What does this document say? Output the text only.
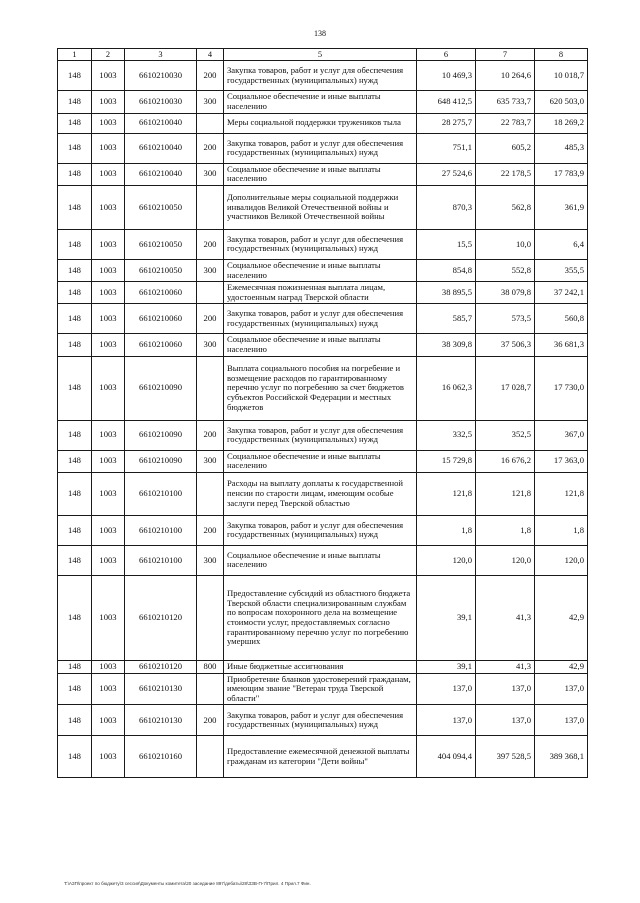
138
1	2	3	4	5	6	7	8
148	1003	6610210030	200	Закупка товаров, работ и услуг для обеспечения государственных (муниципальных) нужд	10 469,3	10 264,6	10 018,7
148	1003	6610210030	300	Социальное обеспечение и иные выплаты населению	648 412,5	635 733,7	620 503,0
148	1003	6610210040		Меры социальной поддержки тружеников тыла	28 275,7	22 783,7	18 269,2
148	1003	6610210040	200	Закупка товаров, работ и услуг для обеспечения государственных (муниципальных) нужд	751,1	605,2	485,3
148	1003	6610210040	300	Социальное обеспечение и иные выплаты населению	27 524,6	22 178,5	17 783,9
148	1003	6610210050		Дополнительные меры социальной поддержки инвалидов Великой Отечественной войны и участников Великой Отечественной войны	870,3	562,8	361,9
148	1003	6610210050	200	Закупка товаров, работ и услуг для обеспечения государственных (муниципальных) нужд	15,5	10,0	6,4
148	1003	6610210050	300	Социальное обеспечение и иные выплаты населению	854,8	552,8	355,5
148	1003	6610210060		Ежемесячная пожизненная выплата лицам, удостоенным наград Тверской области	38 895,5	38 079,8	37 242,1
148	1003	6610210060	200	Закупка товаров, работ и услуг для обеспечения государственных (муниципальных) нужд	585,7	573,5	560,8
148	1003	6610210060	300	Социальное обеспечение и иные выплаты населению	38 309,8	37 506,3	36 681,3
148	1003	6610210090		Выплата социального пособия на погребение и возмещение расходов по гарантированному перечню услуг по погребению за счет бюджетов субъектов Российской Федерации и местных бюджетов	16 062,3	17 028,7	17 730,0
148	1003	6610210090	200	Закупка товаров, работ и услуг для обеспечения государственных (муниципальных) нужд	332,5	352,5	367,0
148	1003	6610210090	300	Социальное обеспечение и иные выплаты населению	15 729,8	16 676,2	17 363,0
148	1003	6610210100		Расходы на выплату доплаты к государственной пенсии по старости лицам, имеющим особые заслуги перед Тверской областью	121,8	121,8	121,8
148	1003	6610210100	200	Закупка товаров, работ и услуг для обеспечения государственных (муниципальных) нужд	1,8	1,8	1,8
148	1003	6610210100	300	Социальное обеспечение и иные выплаты населению	120,0	120,0	120,0
148	1003	6610210120		Предоставление субсидий из областного бюджета Тверской области специализированным службам по вопросам похоронного дела на возмещение стоимости услуг, предоставляемых согласно гарантированному перечню услуг по погребению умерших	39,1	41,3	42,9
148	1003	6610210120	800	Иные бюджетные ассигнования	39,1	41,3	42,9
148	1003	6610210130		Приобретение бланков удостоверений гражданам, имеющим звание "Ветеран труда Тверской области"	137,0	137,0	137,0
148	1003	6610210130	200	Закупка товаров, работ и услуг для обеспечения государственных (муниципальных) нужд	137,0	137,0	137,0
148	1003	6610210160		Предоставление ежемесячной денежной выплаты гражданам из категории "Дети войны"	404 094,4	397 528,5	389 368,1
T:\АЗП\проект по бюджету\3 сессия\Документы комитета\20 заседание 897\дебаты\28\ЗЗВ-П-7\Прил. 4 Прил.7 Фин.
